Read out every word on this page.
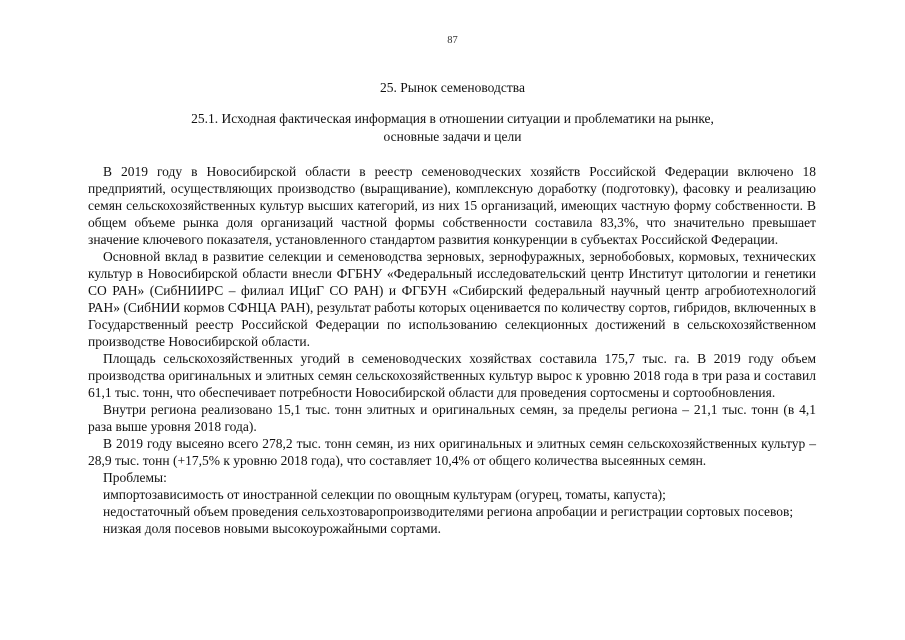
87
25. Рынок семеноводства
25.1. Исходная фактическая информация в отношении ситуации и проблематики на рынке,
основные задачи и цели

В 2019 году в Новосибирской области в реестр семеноводческих хозяйств Российской Федерации включено 18 предприятий, осуществляющих производство (выращивание), комплексную доработку (подготовку), фасовку и реализацию семян сельскохозяйственных культур высших категорий, из них 15 организаций, имеющих частную форму собственности. В общем объеме рынка доля организаций частной формы собственности составила 83,3%, что значительно превышает значение ключевого показателя, установленного стандартом развития конкуренции в субъектах Российской Федерации.

Основной вклад в развитие селекции и семеноводства зерновых, зернофуражных, зернобобовых, кормовых, технических культур в Новосибирской области внесли ФГБНУ «Федеральный исследовательский центр Институт цитологии и генетики СО РАН» (СибНИИРС – филиал ИЦиГ СО РАН) и ФГБУН «Сибирский федеральный научный центр агробиотехнологий РАН» (СибНИИ кормов СФНЦА РАН), результат работы которых оценивается по количеству сортов, гибридов, включенных в Государственный реестр Российской Федерации по использованию селекционных достижений в сельскохозяйственном производстве Новосибирской области.

Площадь сельскохозяйственных угодий в семеноводческих хозяйствах составила 175,7 тыс. га. В 2019 году объем производства оригинальных и элитных семян сельскохозяйственных культур вырос к уровню 2018 года в три раза и составил 61,1 тыс. тонн, что обеспечивает потребности Новосибирской области для проведения сортосмены и сортообновления.

Внутри региона реализовано 15,1 тыс. тонн элитных и оригинальных семян, за пределы региона – 21,1 тыс. тонн (в 4,1 раза выше уровня 2018 года).

В 2019 году высеяно всего 278,2 тыс. тонн семян, из них оригинальных и элитных семян сельскохозяйственных культур – 28,9 тыс. тонн (+17,5% к уровню 2018 года), что составляет 10,4% от общего количества высеянных семян.

Проблемы:

импортозависимость от иностранной селекции по овощным культурам (огурец, томаты, капуста);

недостаточный объем проведения сельхозтоваропроизводителями региона апробации и регистрации сортовых посевов;

низкая доля посевов новыми высокоурожайными сортами.
